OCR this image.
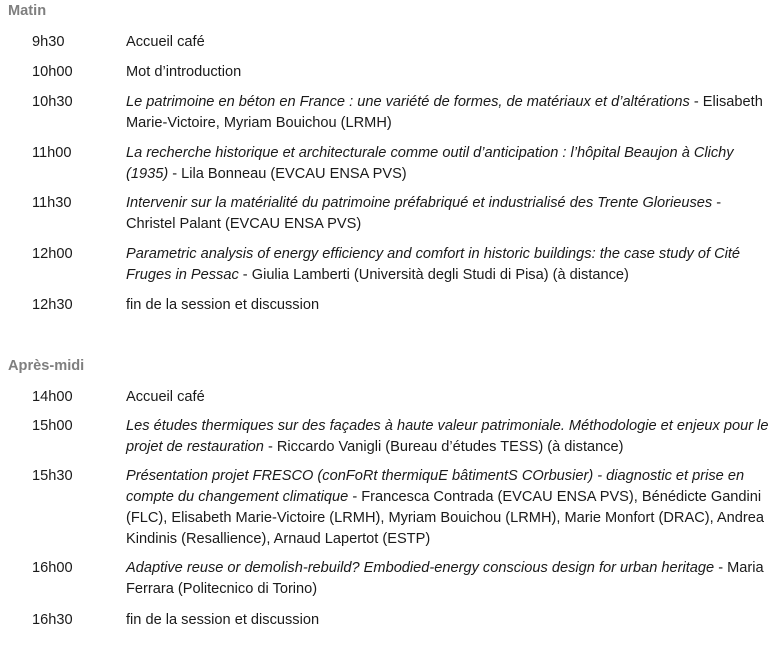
Matin
9h30	Accueil café
10h00	Mot d’introduction
10h30	Le patrimoine en béton en France : une variété de formes, de matériaux et d’altérations - Elisabeth Marie-Victoire, Myriam Bouichou (LRMH)
11h00	La recherche historique et architecturale comme outil d’anticipation : l’hôpital Beaujon à Clichy (1935) - Lila Bonneau (EVCAU ENSA PVS)
11h30	Intervenir sur la matérialité du patrimoine préfabriqué et industrialisé des Trente Glorieuses - Christel Palant (EVCAU ENSA PVS)
12h00	Parametric analysis of energy efficiency and comfort in historic buildings: the case study of Cité Fruges in Pessac - Giulia Lamberti (Università degli Studi di Pisa) (à distance)
12h30	fin de la session et discussion
Après-midi
14h00	Accueil café
15h00	Les études thermiques sur des façades à haute valeur patrimoniale. Méthodologie et enjeux pour le projet de restauration - Riccardo Vanigli (Bureau d’études TESS) (à distance)
15h30	Présentation projet FRESCO (conFoRt thermiquE bâtimentS COrbusier) - diagnostic et prise en compte du changement climatique - Francesca Contrada (EVCAU ENSA PVS), Bénédicte Gandini (FLC), Elisabeth Marie-Victoire (LRMH), Myriam Bouichou (LRMH), Marie Monfort (DRAC), Andrea Kindinis (Resallience), Arnaud Lapertot (ESTP)
16h00	Adaptive reuse or demolish-rebuild? Embodied-energy conscious design for urban heritage - Maria Ferrara (Politecnico di Torino)
16h30	fin de la session et discussion
